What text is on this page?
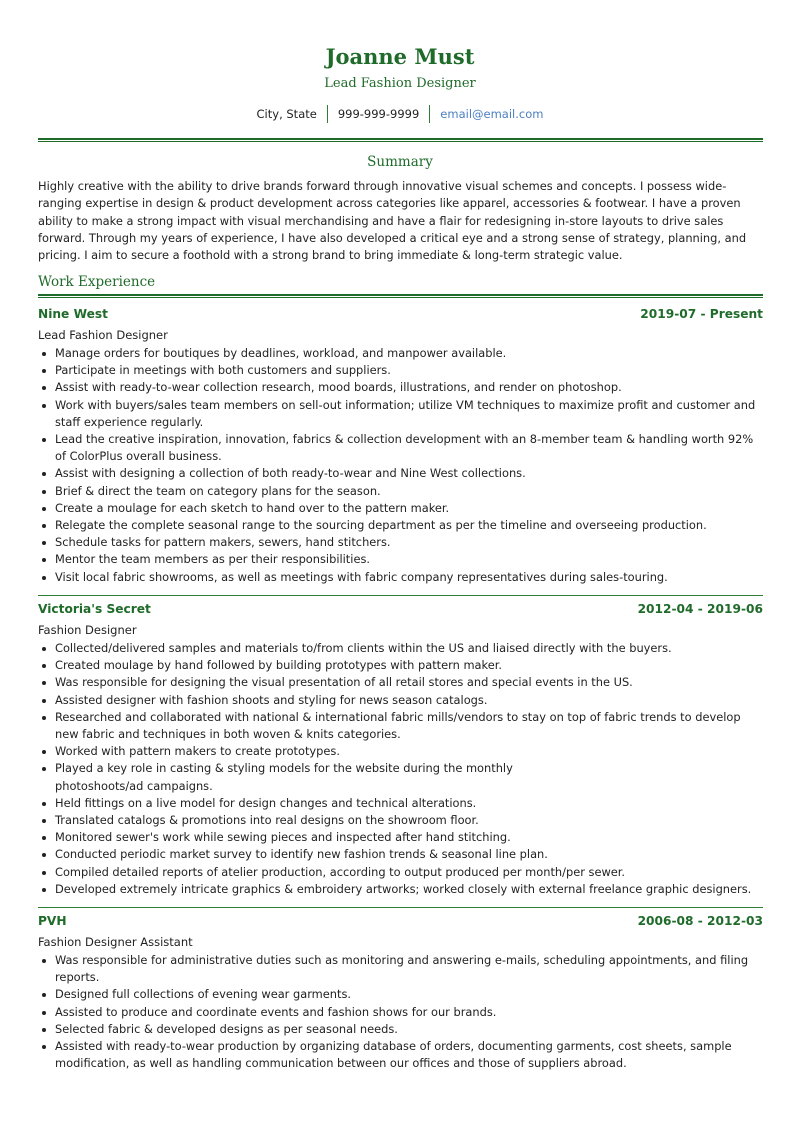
Joanne Must
Lead Fashion Designer
City, State 999-999-9999 email@email.com
Summary

Highly creative with the ability to drive brands forward through innovative visual schemes and concepts. I possess wide-ranging expertise in design & product development across categories like apparel, accessories & footwear. I have a proven ability to make a strong impact with visual merchandising and have a flair for redesigning in-store layouts to drive sales forward. Through my years of experience, I have also developed a critical eye and a strong sense of strategy, planning, and pricing. I aim to secure a foothold with a strong brand to bring immediate & long-term strategic value.

Work Experience
Nine West	2019-07 - Present
Lead Fashion Designer
Manage orders for boutiques by deadlines, workload, and manpower available.
Participate in meetings with both customers and suppliers.
Assist with ready-to-wear collection research, mood boards, illustrations, and render on photoshop.
Work with buyers/sales team members on sell-out information; utilize VM techniques to maximize profit and customer and staff experience regularly.
Lead the creative inspiration, innovation, fabrics & collection development with an 8-member team & handling worth 92% of ColorPlus overall business.
Assist with designing a collection of both ready-to-wear and Nine West collections.
Brief & direct the team on category plans for the season.
Create a moulage for each sketch to hand over to the pattern maker.
Relegate the complete seasonal range to the sourcing department as per the timeline and overseeing production.
Schedule tasks for pattern makers, sewers, hand stitchers.
Mentor the team members as per their responsibilities.
Visit local fabric showrooms, as well as meetings with fabric company representatives during sales-touring.
Victoria's Secret	2012-04 - 2019-06
Fashion Designer
Collected/delivered samples and materials to/from clients within the US and liaised directly with the buyers.
Created moulage by hand followed by building prototypes with pattern maker.
Was responsible for designing the visual presentation of all retail stores and special events in the US.
Assisted designer with fashion shoots and styling for news season catalogs.
Researched and collaborated with national & international fabric mills/vendors to stay on top of fabric trends to develop new fabric and techniques in both woven & knits categories.
Worked with pattern makers to create prototypes.
Played a key role in casting & styling models for the website during the monthly photoshoots/ad campaigns.
Held fittings on a live model for design changes and technical alterations.
Translated catalogs & promotions into real designs on the showroom floor.
Monitored sewer's work while sewing pieces and inspected after hand stitching.
Conducted periodic market survey to identify new fashion trends & seasonal line plan.
Compiled detailed reports of atelier production, according to output produced per month/per sewer.
Developed extremely intricate graphics & embroidery artworks; worked closely with external freelance graphic designers.
PVH	2006-08 - 2012-03
Fashion Designer Assistant
Was responsible for administrative duties such as monitoring and answering e-mails, scheduling appointments, and filing reports.
Designed full collections of evening wear garments.
Assisted to produce and coordinate events and fashion shows for our brands.
Selected fabric & developed designs as per seasonal needs.
Assisted with ready-to-wear production by organizing database of orders, documenting garments, cost sheets, sample modification, as well as handling communication between our offices and those of suppliers abroad.
